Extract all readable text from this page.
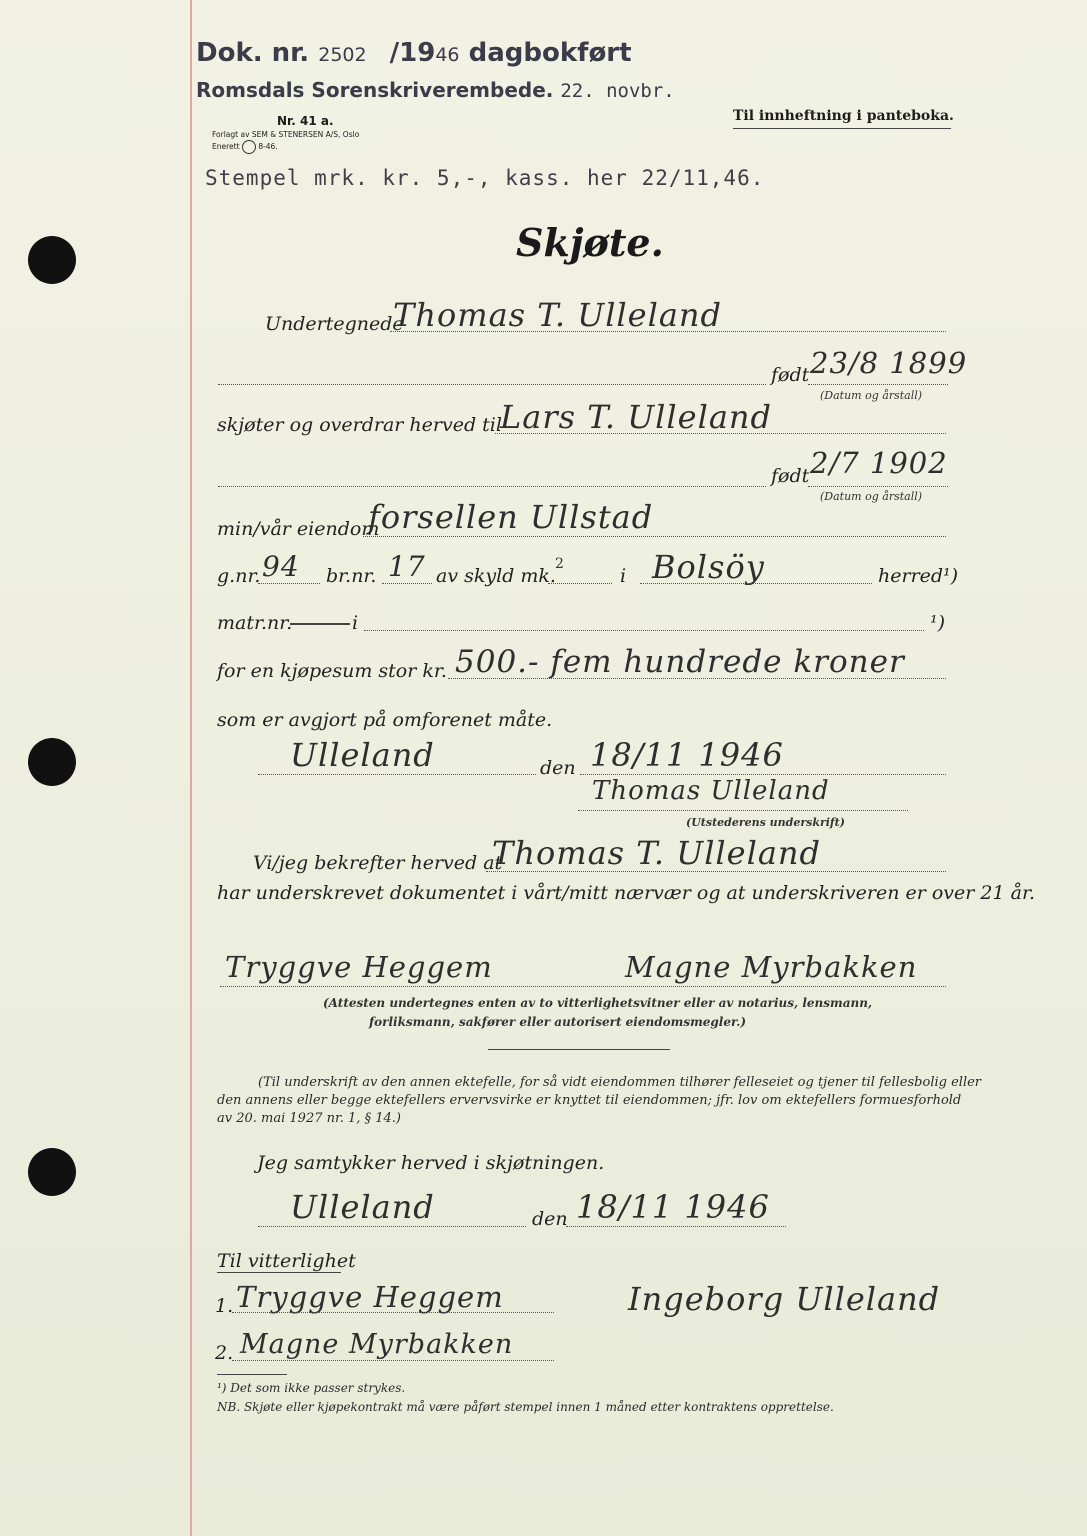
Dok. nr. 2502 /1946 dagbokført
Romsdals Sorenskriverembede. 22. novbr.
Nr. 41 a.
Forlagt av SEM & STENERSEN A/S, Oslo
Enerett	8-46.
Til innheftning i panteboka.
Stempel mrk. kr. 5,-, kass. her 22/11,46.
Skjøte.
Undertegnede
Thomas T. Ulleland
født 23/8 1899
(Datum og årstall)
skjøter og overdrar herved til
Lars T. Ulleland
født 2/7 1902
(Datum og årstall)
min/vår eiendom
forsellen Ullstad
g.nr. 94 br.nr. 17 av skyld mk.
2
i Bolsöy	herred¹)
matr.nr.	i	¹)
for en kjøpesum stor kr. 500.- fem hundrede kroner
som er avgjort på omforenet måte.
Ulleland	den 18/11 1946
Thomas Ulleland
(Utstederens underskrift)
Vi/jeg bekrefter herved at
Thomas T. Ulleland
har underskrevet dokumentet i vårt/mitt nærvær og at underskriveren er over 21 år.
Tryggve Heggem	Magne Myrbakken
(Attesten undertegnes enten av to vitterlighetsvitner eller av notarius, lensmann,
forliksmann, sakfører eller autorisert eiendomsmegler.)
(Til underskrift av den annen ektefelle, for så vidt eiendommen tilhører felleseiet og tjener til fellesbolig eller
den annens eller begge ektefellers ervervsvirke er knyttet til eiendommen; jfr. lov om ektefellers formuesforhold
av 20. mai 1927 nr. 1, § 14.)
Jeg samtykker herved i skjøtningen.
Ulleland	den 18/11 1946
Til vitterlighet
1. Tryggve Heggem	Ingeborg Ulleland
2. Magne Myrbakken
¹) Det som ikke passer strykes.
NB. Skjøte eller kjøpekontrakt må være påført stempel innen 1 måned etter kontraktens opprettelse.
